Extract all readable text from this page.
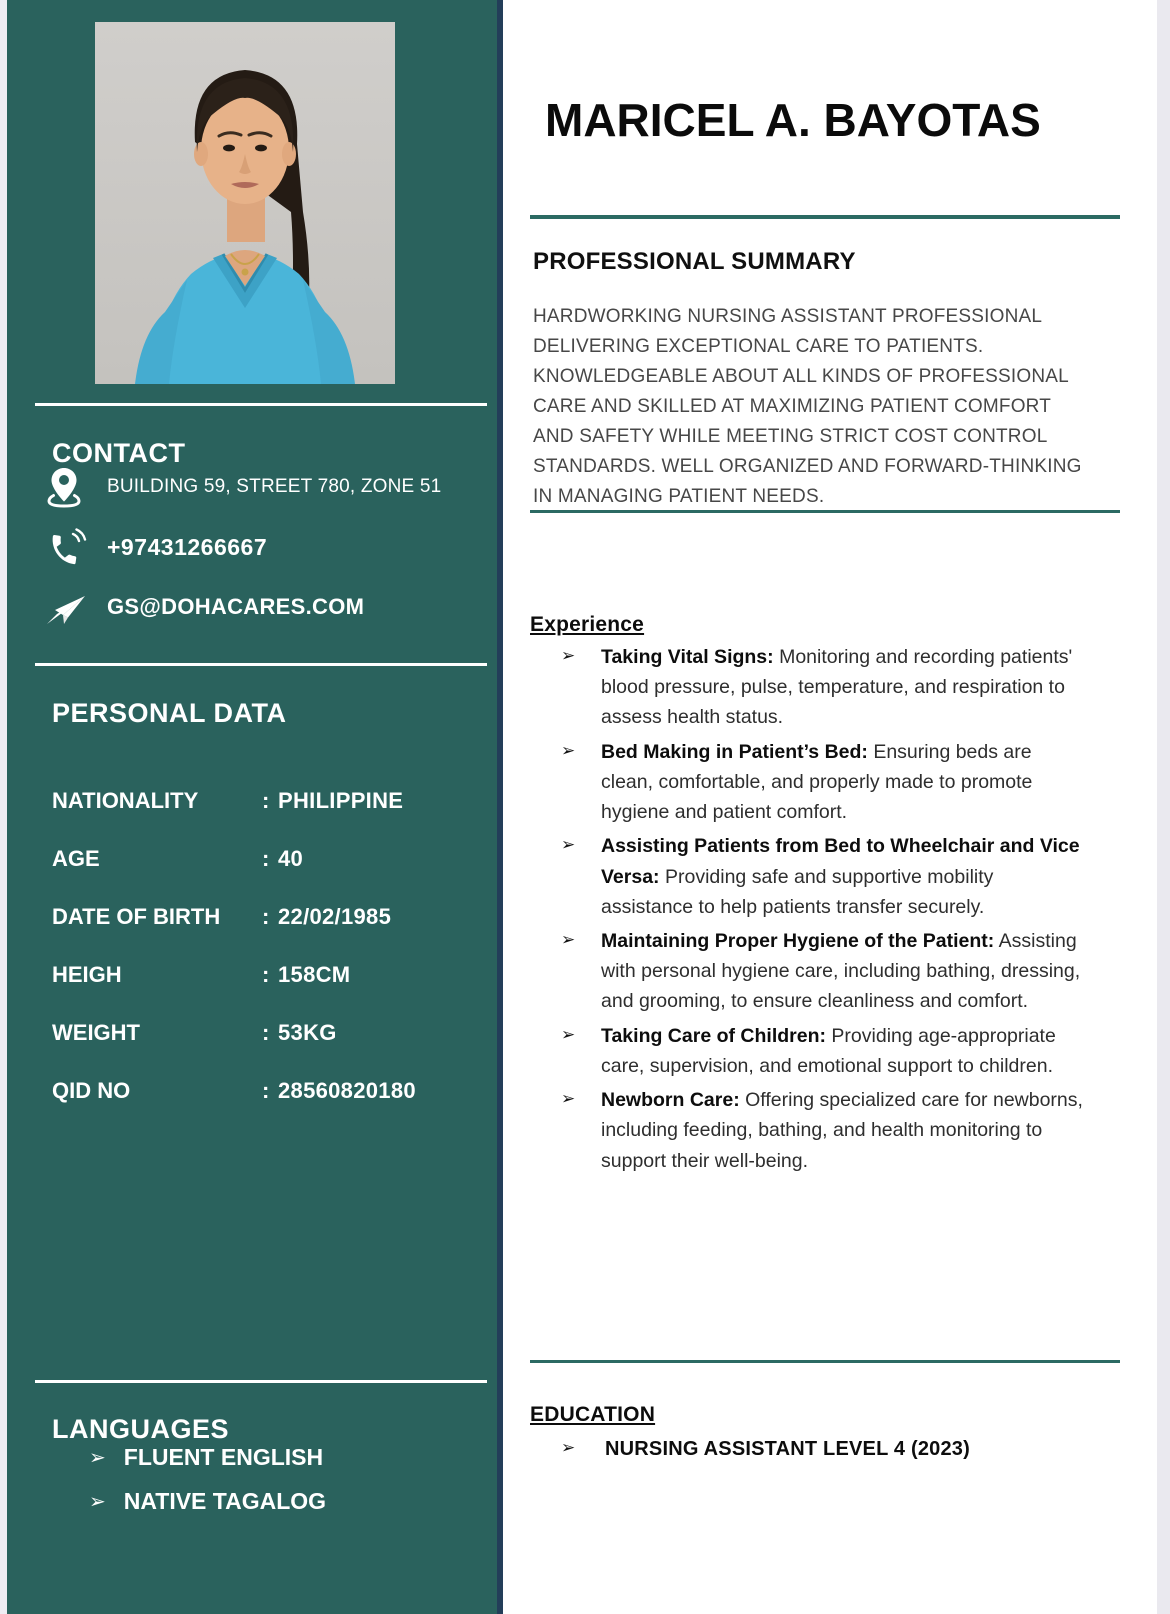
CONTACT
BUILDING 59, STREET 780, ZONE 51
+97431266667
GS@DOHACARES.COM
PERSONAL DATA
NATIONALITY	: PHILIPPINE
AGE	: 40
DATE OF BIRTH	: 22/02/1985
HEIGH	: 158CM
WEIGHT	: 53KG
QID NO	: 28560820180
LANGUAGES
➢ FLUENT ENGLISH
➢ NATIVE TAGALOG
MARICEL A. BAYOTAS
PROFESSIONAL SUMMARY

HARDWORKING NURSING ASSISTANT PROFESSIONAL DELIVERING EXCEPTIONAL CARE TO PATIENTS. KNOWLEDGEABLE ABOUT ALL KINDS OF PROFESSIONAL CARE AND SKILLED AT MAXIMIZING PATIENT COMFORT AND SAFETY WHILE MEETING STRICT COST CONTROL STANDARDS. WELL ORGANIZED AND FORWARD-THINKING IN MANAGING PATIENT NEEDS.

Experience
➢ Taking Vital Signs: Monitoring and recording patients' blood pressure, pulse, temperature, and respiration to assess health status.
➢ Bed Making in Patient’s Bed: Ensuring beds are clean, comfortable, and properly made to promote hygiene and patient comfort.
➢ Assisting Patients from Bed to Wheelchair and Vice Versa: Providing safe and supportive mobility assistance to help patients transfer securely.
➢ Maintaining Proper Hygiene of the Patient: Assisting with personal hygiene care, including bathing, dressing, and grooming, to ensure cleanliness and comfort.
➢ Taking Care of Children: Providing age-appropriate care, supervision, and emotional support to children.
➢ Newborn Care: Offering specialized care for newborns, including feeding, bathing, and health monitoring to support their well-being.
EDUCATION
➢ NURSING ASSISTANT LEVEL 4 (2023)
